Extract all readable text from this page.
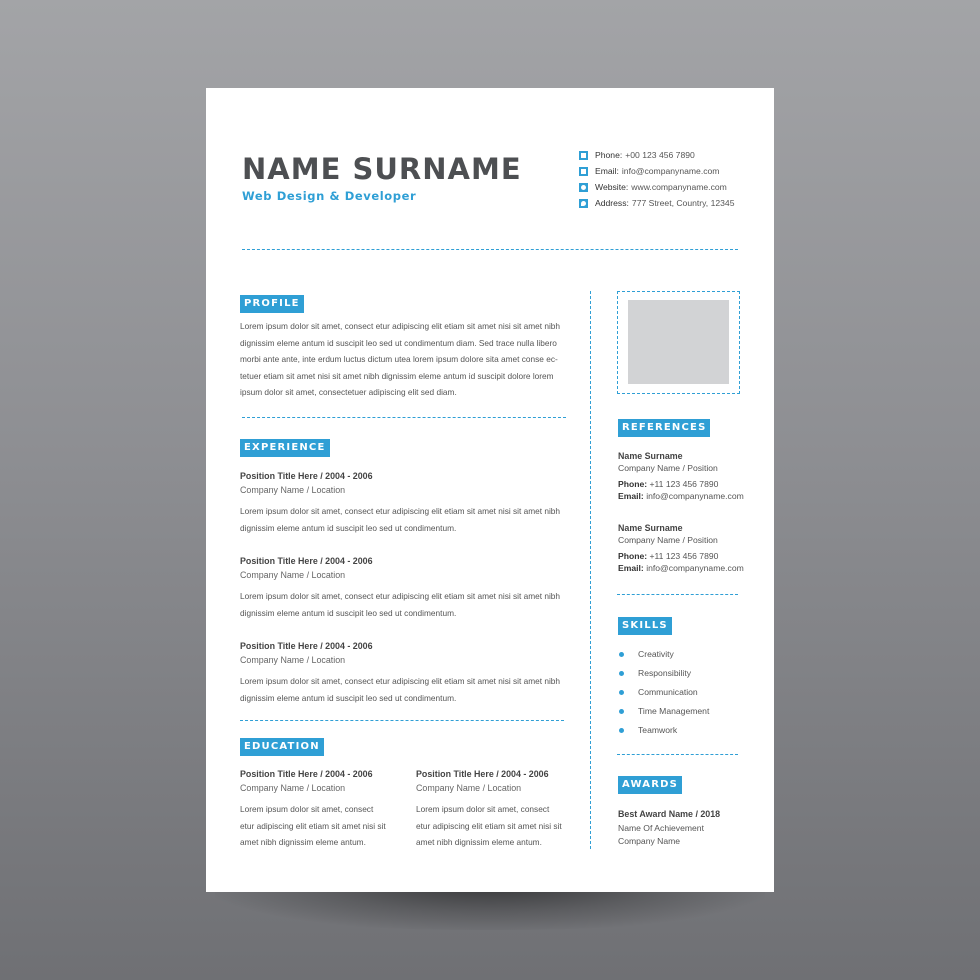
NAME SURNAME
Web Design & Developer
Phone: +00 123 456 7890
Email: info@companyname.com
Website: www.companyname.com
Address: 777 Street, Country, 12345
PROFILE
Lorem ipsum dolor sit amet, consect etur adipiscing elit etiam sit amet nisi sit amet nibh
dignissim eleme antum id suscipit leo sed ut condimentum diam. Sed trace nulla libero
morbi ante ante, inte erdum luctus dictum utea lorem ipsum dolore sita amet conse ec-
tetuer etiam sit amet nisi sit amet nibh dignissim eleme antum id suscipit dolore lorem
ipsum dolor sit amet, consectetuer adipiscing elit sed diam.
EXPERIENCE
Position Title Here / 2004 - 2006
Company Name / Location
Lorem ipsum dolor sit amet, consect etur adipiscing elit etiam sit amet nisi sit amet nibh
dignissim eleme antum id suscipit leo sed ut condimentum.
Position Title Here / 2004 - 2006
Company Name / Location
Lorem ipsum dolor sit amet, consect etur adipiscing elit etiam sit amet nisi sit amet nibh
dignissim eleme antum id suscipit leo sed ut condimentum.
Position Title Here / 2004 - 2006
Company Name / Location
Lorem ipsum dolor sit amet, consect etur adipiscing elit etiam sit amet nisi sit amet nibh
dignissim eleme antum id suscipit leo sed ut condimentum.
EDUCATION
Position Title Here / 2004 - 2006
Company Name / Location
Lorem ipsum dolor sit amet, consect
etur adipiscing elit etiam sit amet nisi sit
amet nibh dignissim eleme antum.
Position Title Here / 2004 - 2006
Company Name / Location
Lorem ipsum dolor sit amet, consect
etur adipiscing elit etiam sit amet nisi sit
amet nibh dignissim eleme antum.
REFERENCES
Name Surname
Company Name / Position
Phone: +11 123 456 7890
Email: info@companyname.com
Name Surname
Company Name / Position
Phone: +11 123 456 7890
Email: info@companyname.com
SKILLS
Creativity
Responsibility
Communication
Time Management
Teamwork
AWARDS
Best Award Name / 2018
Name Of Achievement
Company Name
